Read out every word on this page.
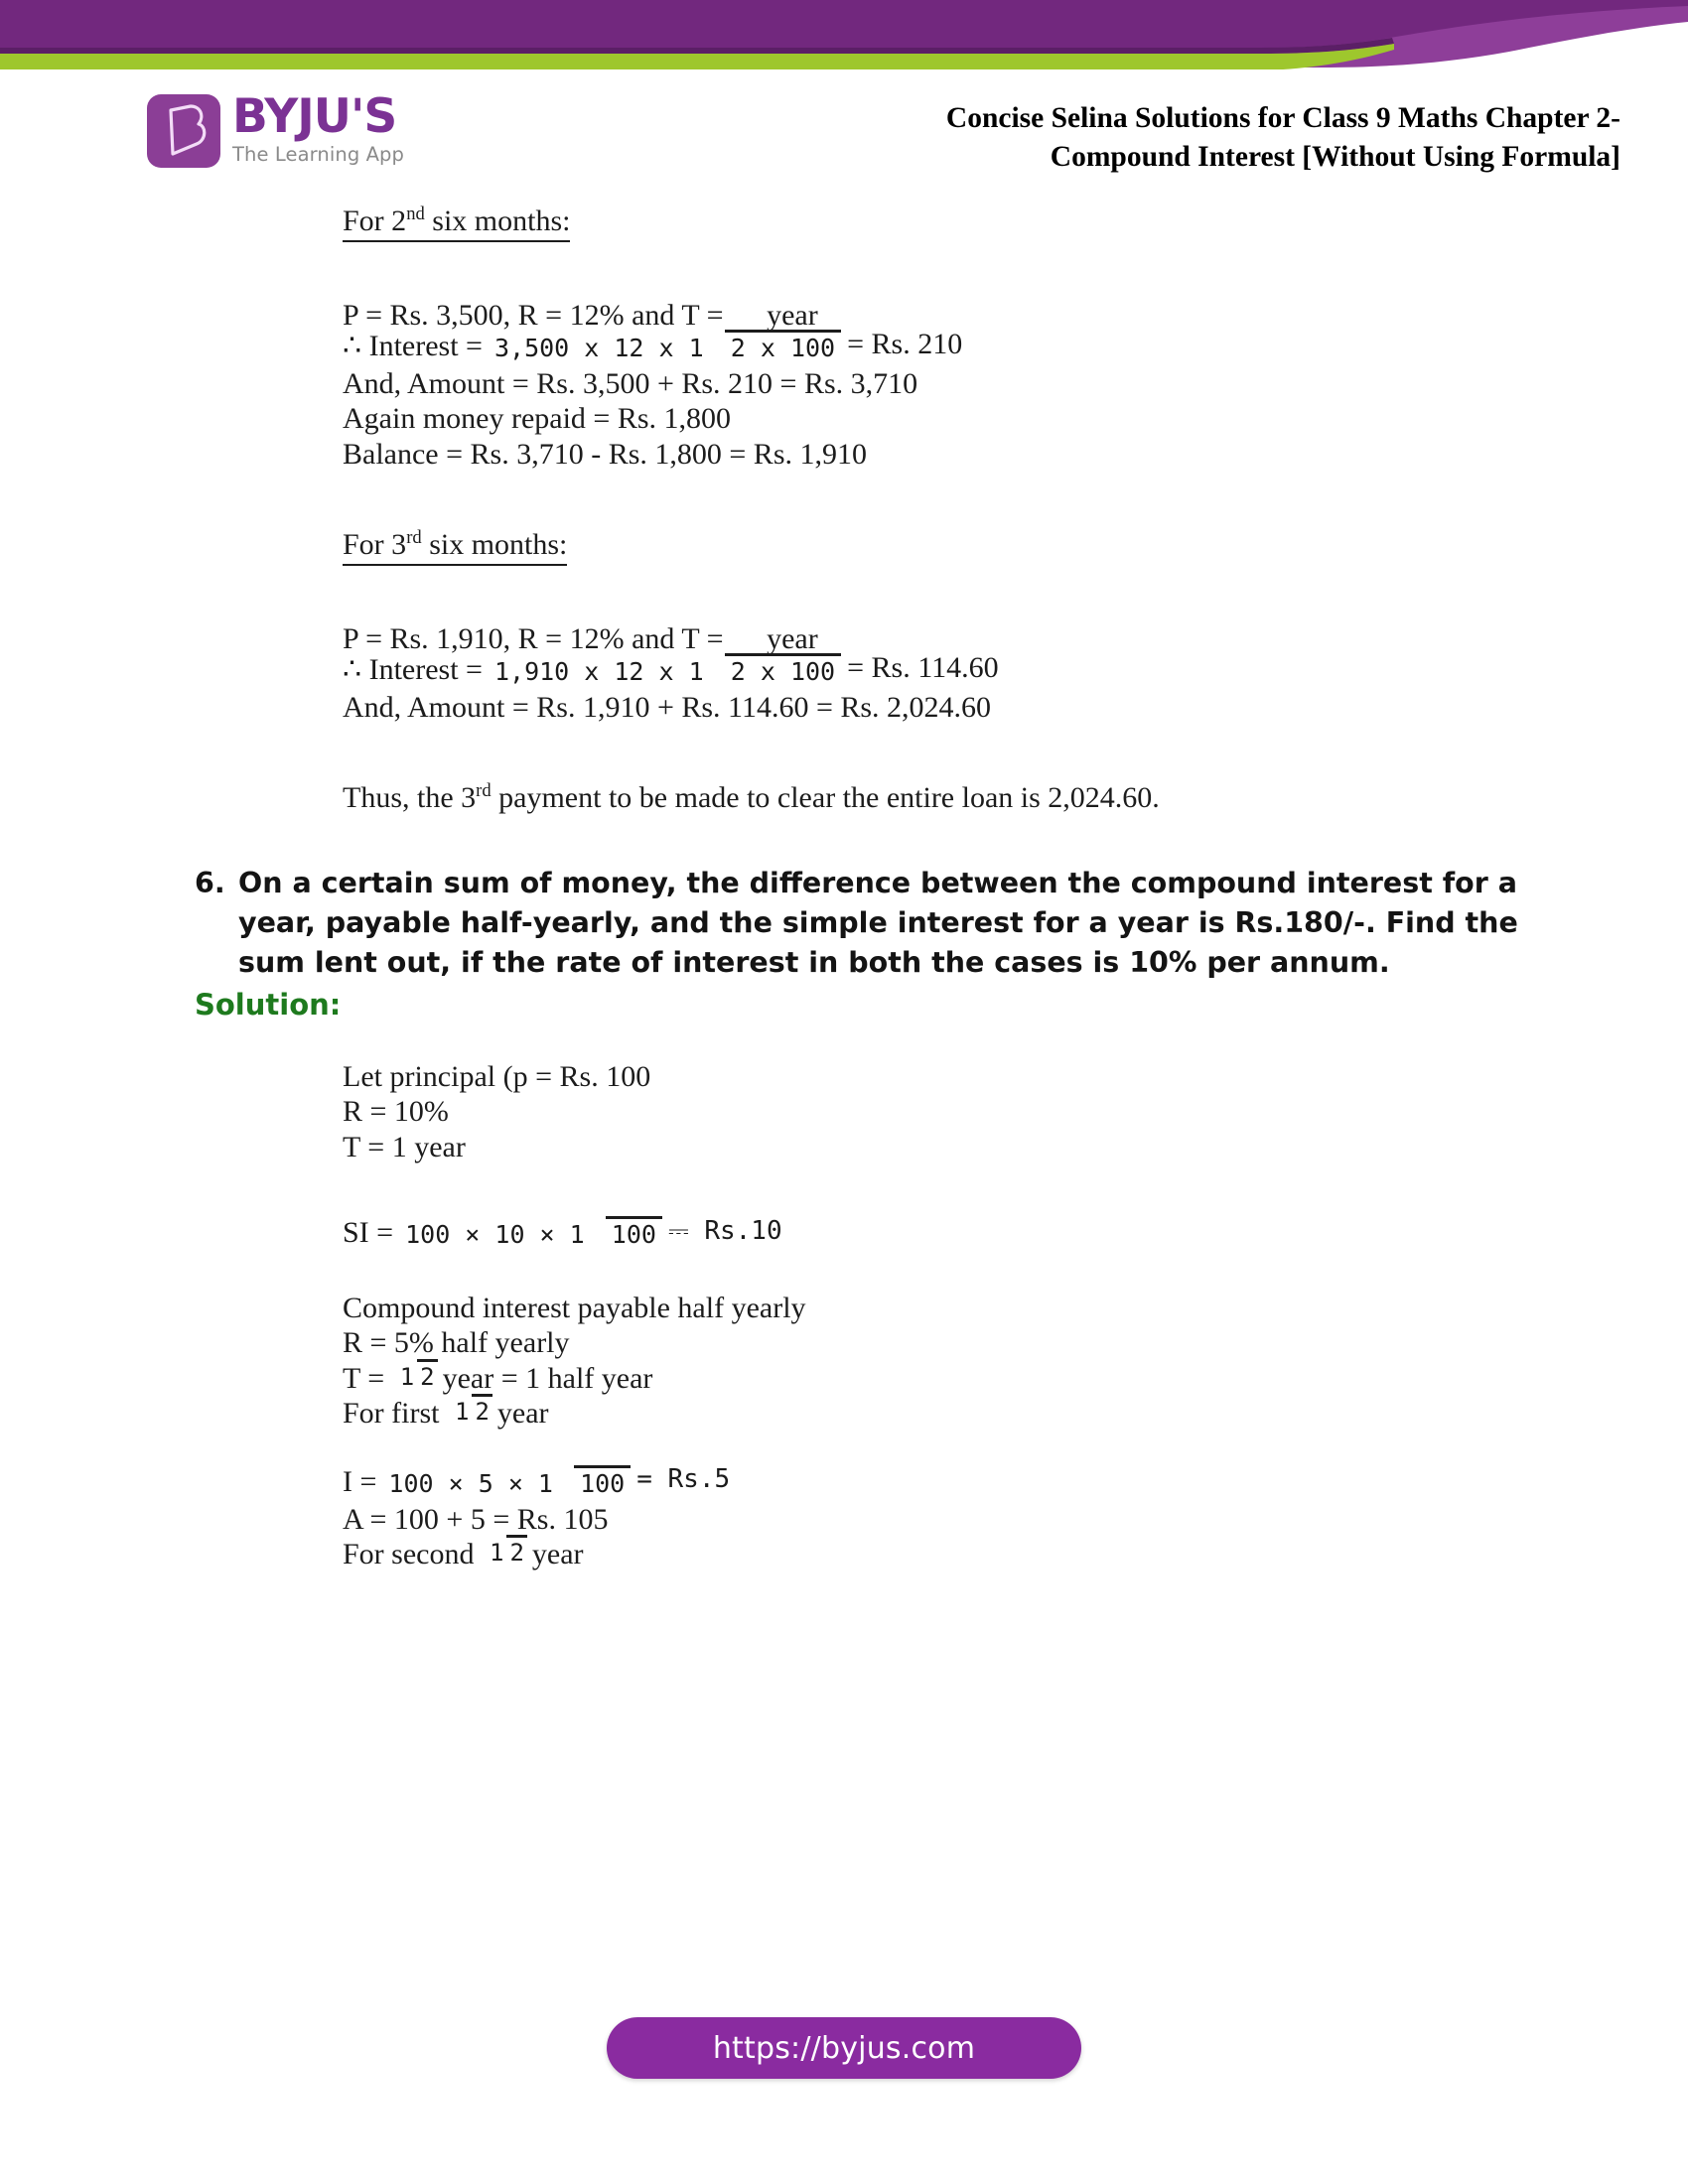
BYJU'S
The Learning App
Concise Selina Solutions for Class 9 Maths Chapter 2-
Compound Interest [Without Using Formula]
For 2nd six months:
P = Rs. 3,500, R = 12% and T = year
∴ Interest = 3,500 x 12 x 1 2 x 100 = Rs. 210
And, Amount = Rs. 3,500 + Rs. 210 = Rs. 3,710
Again money repaid = Rs. 1,800
Balance = Rs. 3,710 - Rs. 1,800 = Rs. 1,910
For 3rd six months:
P = Rs. 1,910, R = 12% and T = year
∴ Interest = 1,910 x 12 x 1 2 x 100 = Rs. 114.60
And, Amount = Rs. 1,910 + Rs. 114.60 = Rs. 2,024.60
Thus, the 3rd payment to be made to clear the entire loan is 2,024.60.
6. On a certain sum of money, the difference between the compound interest for a year, payable half-yearly, and the simple interest for a year is Rs.180/-. Find the sum lent out, if the rate of interest in both the cases is 10% per annum.
Solution:
Let principal (p = Rs. 100
R = 10%
T = 1 year
SI = 100 × 10 × 1 100 ⎓ Rs.10
Compound interest payable half yearly
R = 5% half yearly
T = 1 2 year = 1 half year
For first 1 2 year
I = 100 × 5 × 1 100 = Rs.5
A = 100 + 5 = Rs. 105
For second 1 2 year
https://byjus.com
